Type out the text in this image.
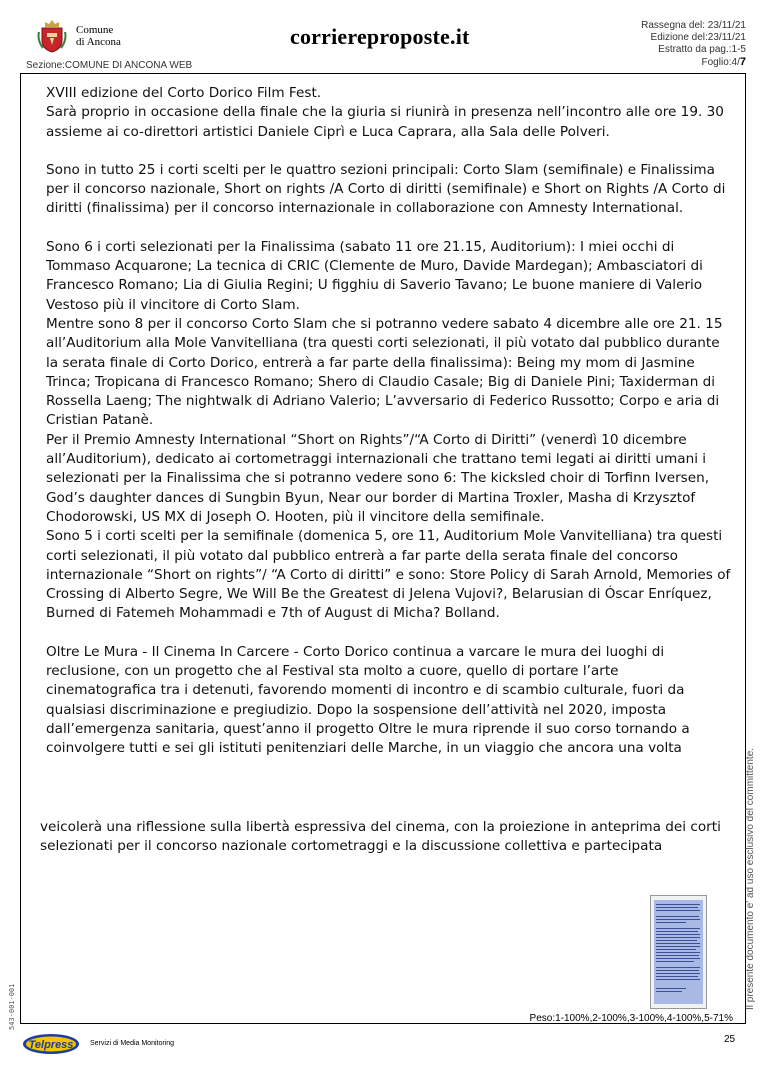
Comune
di Ancona	corriereproposte.it	Rassegna del: 23/11/21
Edizione del:23/11/21
Estratto da pag.:1-5
Foglio:4/7
Sezione:COMUNE DI ANCONA WEB

XVIII edizione del Corto Dorico Film Fest.
Sarà proprio in occasione della finale che la giuria si riunirà in presenza nell’incontro alle ore 19. 30 assieme ai co-direttori artistici Daniele Ciprì e Luca Caprara, alla Sala delle Polveri.

Sono in tutto 25 i corti scelti per le quattro sezioni principali: Corto Slam (semifinale) e Finalissima per il concorso nazionale, Short on rights /A Corto di diritti (semifinale) e Short on Rights /A Corto di diritti (finalissima) per il concorso internazionale in collaborazione con Amnesty International.

Sono 6 i corti selezionati per la Finalissima (sabato 11 ore 21.15, Auditorium): I miei occhi di Tommaso Acquarone; La tecnica di CRIC (Clemente de Muro, Davide Mardegan); Ambasciatori di Francesco Romano; Lia di Giulia Regini; U figghiu di Saverio Tavano; Le buone maniere di Valerio Vestoso più il vincitore di Corto Slam.
Mentre sono 8 per il concorso Corto Slam che si potranno vedere sabato 4 dicembre alle ore 21. 15 all’Auditorium alla Mole Vanvitelliana (tra questi corti selezionati, il più votato dal pubblico durante la serata finale di Corto Dorico, entrerà a far parte della finalissima): Being my mom di Jasmine Trinca; Tropicana di Francesco Romano; Shero di Claudio Casale; Big di Daniele Pini; Taxiderman di Rossella Laeng; The nightwalk di Adriano Valerio; L’avversario di Federico Russotto; Corpo e aria di Cristian Patanè.
Per il Premio Amnesty International “Short on Rights”/“A Corto di Diritti” (venerdì 10 dicembre all’Auditorium), dedicato ai cortometraggi internazionali che trattano temi legati ai diritti umani i selezionati per la Finalissima che si potranno vedere sono 6: The kicksled choir di Torfinn Iversen, God’s daughter dances di Sungbin Byun, Near our border di Martina Troxler, Masha di Krzysztof Chodorowski, US MX di Joseph O. Hooten, più il vincitore della semifinale.
Sono 5 i corti scelti per la semifinale (domenica 5, ore 11, Auditorium Mole Vanvitelliana) tra questi corti selezionati, il più votato dal pubblico entrerà a far parte della serata finale del concorso internazionale “Short on rights”/ “A Corto di diritti” e sono: Store Policy di Sarah Arnold, Memories of Crossing di Alberto Segre, We Will Be the Greatest di Jelena Vujovi?, Belarusian di Óscar Enríquez, Burned di Fatemeh Mohammadi e 7th of August di Micha? Bolland.

Oltre Le Mura - Il Cinema In Carcere - Corto Dorico continua a varcare le mura dei luoghi di reclusione, con un progetto che al Festival sta molto a cuore, quello di portare l’arte cinematografica tra i detenuti, favorendo momenti di incontro e di scambio culturale, fuori da qualsiasi discriminazione e pregiudizio. Dopo la sospensione dell’attività nel 2020, imposta dall’emergenza sanitaria, quest’anno il progetto Oltre le mura riprende il suo corso tornando a coinvolgere tutti e sei gli istituti penitenziari delle Marche, in un viaggio che ancora una volta

veicolerà una riflessione sulla libertà espressiva del cinema, con la proiezione in anteprima dei corti selezionati per il concorso nazionale cortometraggi e la discussione collettiva e partecipata	Il presente documento e' ad uso esclusivo del committente.
543-001-001	Peso:1-100%,2-100%,3-100%,4-100%,5-71%
25
Telpress Servizi di Media Monitoring
